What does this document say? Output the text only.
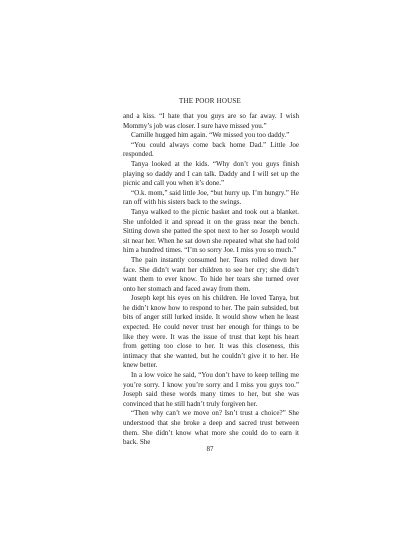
THE POOR HOUSE

and a kiss. “I hate that you guys are so far away. I wish Mommy’s job was closer. I sure have missed you.”

Camille hugged him again. “We missed you too daddy.”

“You could always come back home Dad.” Little Joe responded.

Tanya looked at the kids. “Why don’t you guys finish playing so daddy and I can talk. Daddy and I will set up the picnic and call you when it’s done.”

“O.k. mom,” said little Joe, “but hurry up. I’m hungry.” He ran off with his sisters back to the swings.

Tanya walked to the picnic basket and took out a blanket. She unfolded it and spread it on the grass near the bench. Sitting down she patted the spot next to her so Joseph would sit near her. When he sat down she repeated what she had told him a hundred times. “I’m so sorry Joe. I miss you so much.”

The pain instantly consumed her. Tears rolled down her face. She didn’t want her children to see her cry; she didn’t want them to ever know. To hide her tears she turned over onto her stomach and faced away from them.

Joseph kept his eyes on his children. He loved Tanya, but he didn’t know how to respond to her. The pain subsided, but bits of anger still lurked inside. It would show when he least expected. He could never trust her enough for things to be like they were. It was the issue of trust that kept his heart from getting too close to her. It was this closeness, this intimacy that she wanted, but he couldn’t give it to her. He knew better.

In a low voice he said, “You don’t have to keep telling me you’re sorry. I know you’re sorry and I miss you guys too.” Joseph said these words many times to her, but she was convinced that he still hadn’t truly forgiven her.

“Then why can’t we move on? Isn’t trust a choice?” She understood that she broke a deep and sacred trust between them. She didn’t know what more she could do to earn it back. She

87
